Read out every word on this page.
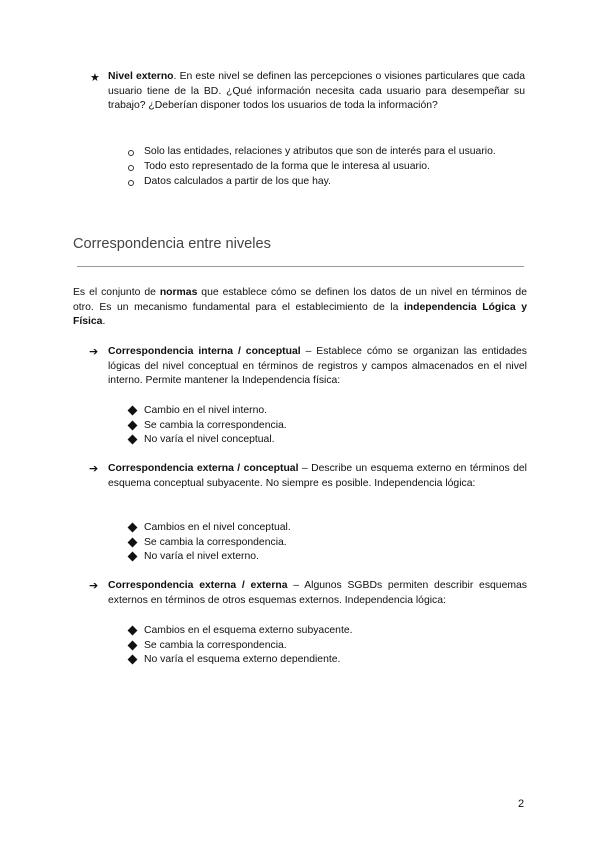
★ Nivel externo. En este nivel se definen las percepciones o visiones particulares que cada usuario tiene de la BD. ¿Qué información necesita cada usuario para desempeñar su trabajo? ¿Deberían disponer todos los usuarios de toda la información?
Solo las entidades, relaciones y atributos que son de interés para el usuario.
Todo esto representado de la forma que le interesa al usuario.
Datos calculados a partir de los que hay.
Correspondencia entre niveles
Es el conjunto de normas que establece cómo se definen los datos de un nivel en términos de otro. Es un mecanismo fundamental para el establecimiento de la independencia Lógica y Física.
➔ Correspondencia interna / conceptual – Establece cómo se organizan las entidades lógicas del nivel conceptual en términos de registros y campos almacenados en el nivel interno. Permite mantener la Independencia física:
Cambio en el nivel interno.
Se cambia la correspondencia.
No varía el nivel conceptual.
➔ Correspondencia externa / conceptual – Describe un esquema externo en términos del esquema conceptual subyacente. No siempre es posible. Independencia lógica:
Cambios en el nivel conceptual.
Se cambia la correspondencia.
No varía el nivel externo.
➔ Correspondencia externa / externa – Algunos SGBDs permiten describir esquemas externos en términos de otros esquemas externos. Independencia lógica:
Cambios en el esquema externo subyacente.
Se cambia la correspondencia.
No varía el esquema externo dependiente.
2
